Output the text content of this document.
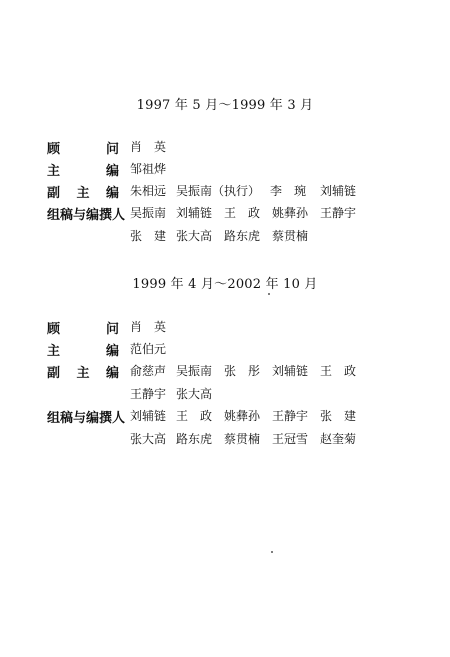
1997 年 5 月～1999 年 3 月
顾	问 肖　英
主	编 邹祖烨
副 主 编 朱相远 吴振南（执行） 李　琬 刘辅链
组稿与编撰人 吴振南 刘辅链 王　政 姚彝孙 王静宇
张　建 张大高 路东虎 蔡贯楠
1999 年 4 月～2002 年 10 月
顾	问 肖　英
主	编 范伯元
副 主 编 俞慈声 吴振南 张　彤 刘辅链 王　政
王静宇 张大高
组稿与编撰人 刘辅链 王　政 姚彝孙 王静宇 张　建
张大高 路东虎 蔡贯楠 王冠雪 赵奎菊
